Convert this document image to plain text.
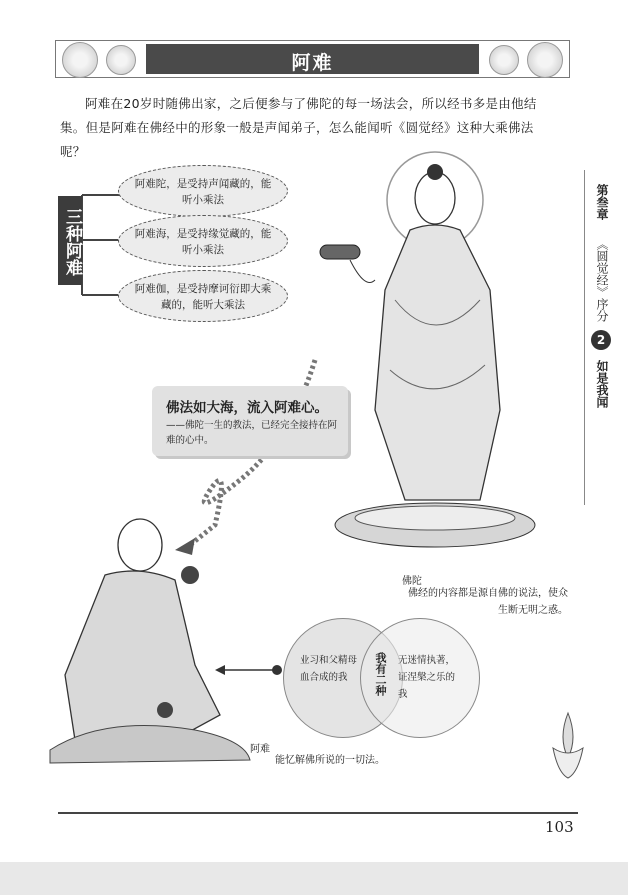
阿难
阿难在20岁时随佛出家，之后便参与了佛陀的每一场法会，所以经书多是由他结集。但是阿难在佛经中的形象一般是声闻弟子，怎么能闻听《圆觉经》这种大乘佛法呢？
三种阿难
阿难陀，是受持声闻藏的，能听小乘法
阿难海，是受持缘觉藏的，能听小乘法
阿难伽，是受持摩诃衍即大乘藏的，能听大乘法
佛陀
佛经的内容都是源自佛的说法，使众生断无明之惑。
佛法如大海，流入阿难心。
——佛陀一生的教法，已经完全接持在阿难的心中。
第叁章
《圆觉经》序分
2
如是我闻
阿难
能忆解佛所说的一切法。
业习和父精母血合成的我	我有二种 无迷情执著，证涅槃之乐的我
103
